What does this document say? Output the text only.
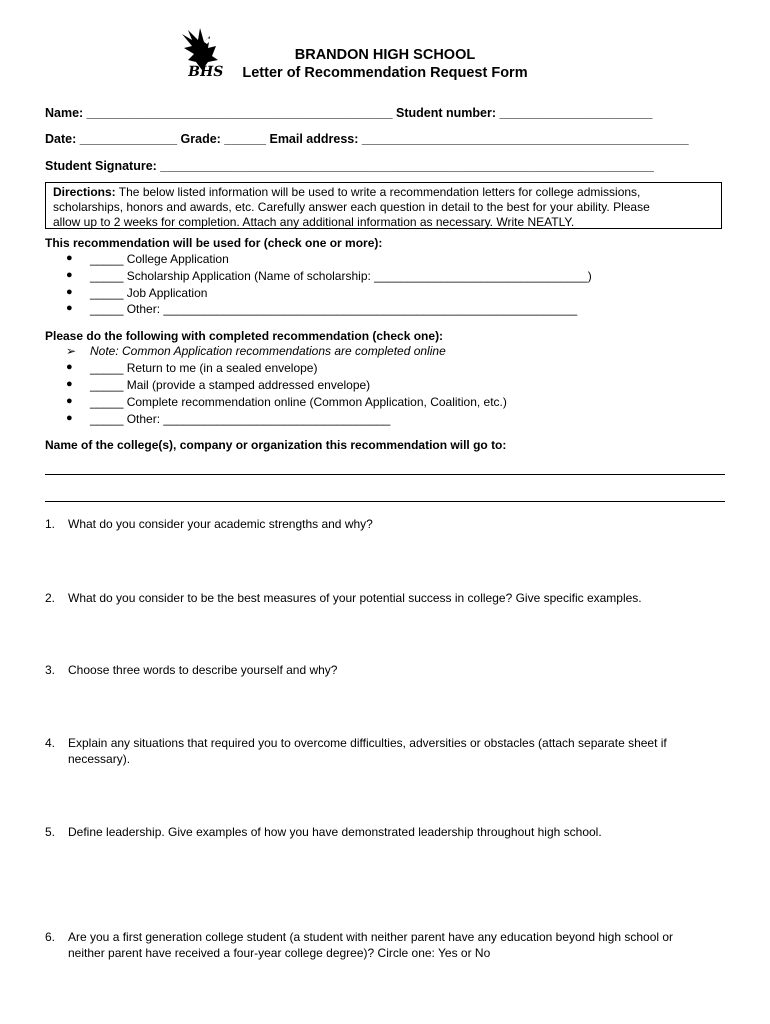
BHS
BRANDON HIGH SCHOOL
Letter of Recommendation Request Form
Name: ____________________________________________ Student number: ______________________
Date: ______________ Grade: ______ Email address: _______________________________________________
Student Signature: _______________________________________________________________________
Directions: The below listed information will be used to write a recommendation letters for college admissions,
scholarships, honors and awards, etc. Carefully answer each question in detail to the best for your ability. Please
allow up to 2 weeks for completion. Attach any additional information as necessary. Write NEATLY.
This recommendation will be used for (check one or more):
● _____ College Application
● _____ Scholarship Application (Name of scholarship: ________________________________)
● _____ Job Application
● _____ Other: ______________________________________________________________
Please do the following with completed recommendation (check one):
➢ Note: Common Application recommendations are completed online
● _____ Return to me (in a sealed envelope)
● _____ Mail (provide a stamped addressed envelope)
● _____ Complete recommendation online (Common Application, Coalition, etc.)
● _____ Other: __________________________________
Name of the college(s), company or organization this recommendation will go to:
1. What do you consider your academic strengths and why?
2. What do you consider to be the best measures of your potential success in college? Give specific examples.
3. Choose three words to describe yourself and why?
4. Explain any situations that required you to overcome difficulties, adversities or obstacles (attach separate sheet if
necessary).
5. Define leadership. Give examples of how you have demonstrated leadership throughout high school.
6. Are you a first generation college student (a student with neither parent have any education beyond high school or
neither parent have received a four-year college degree)? Circle one: Yes or No
